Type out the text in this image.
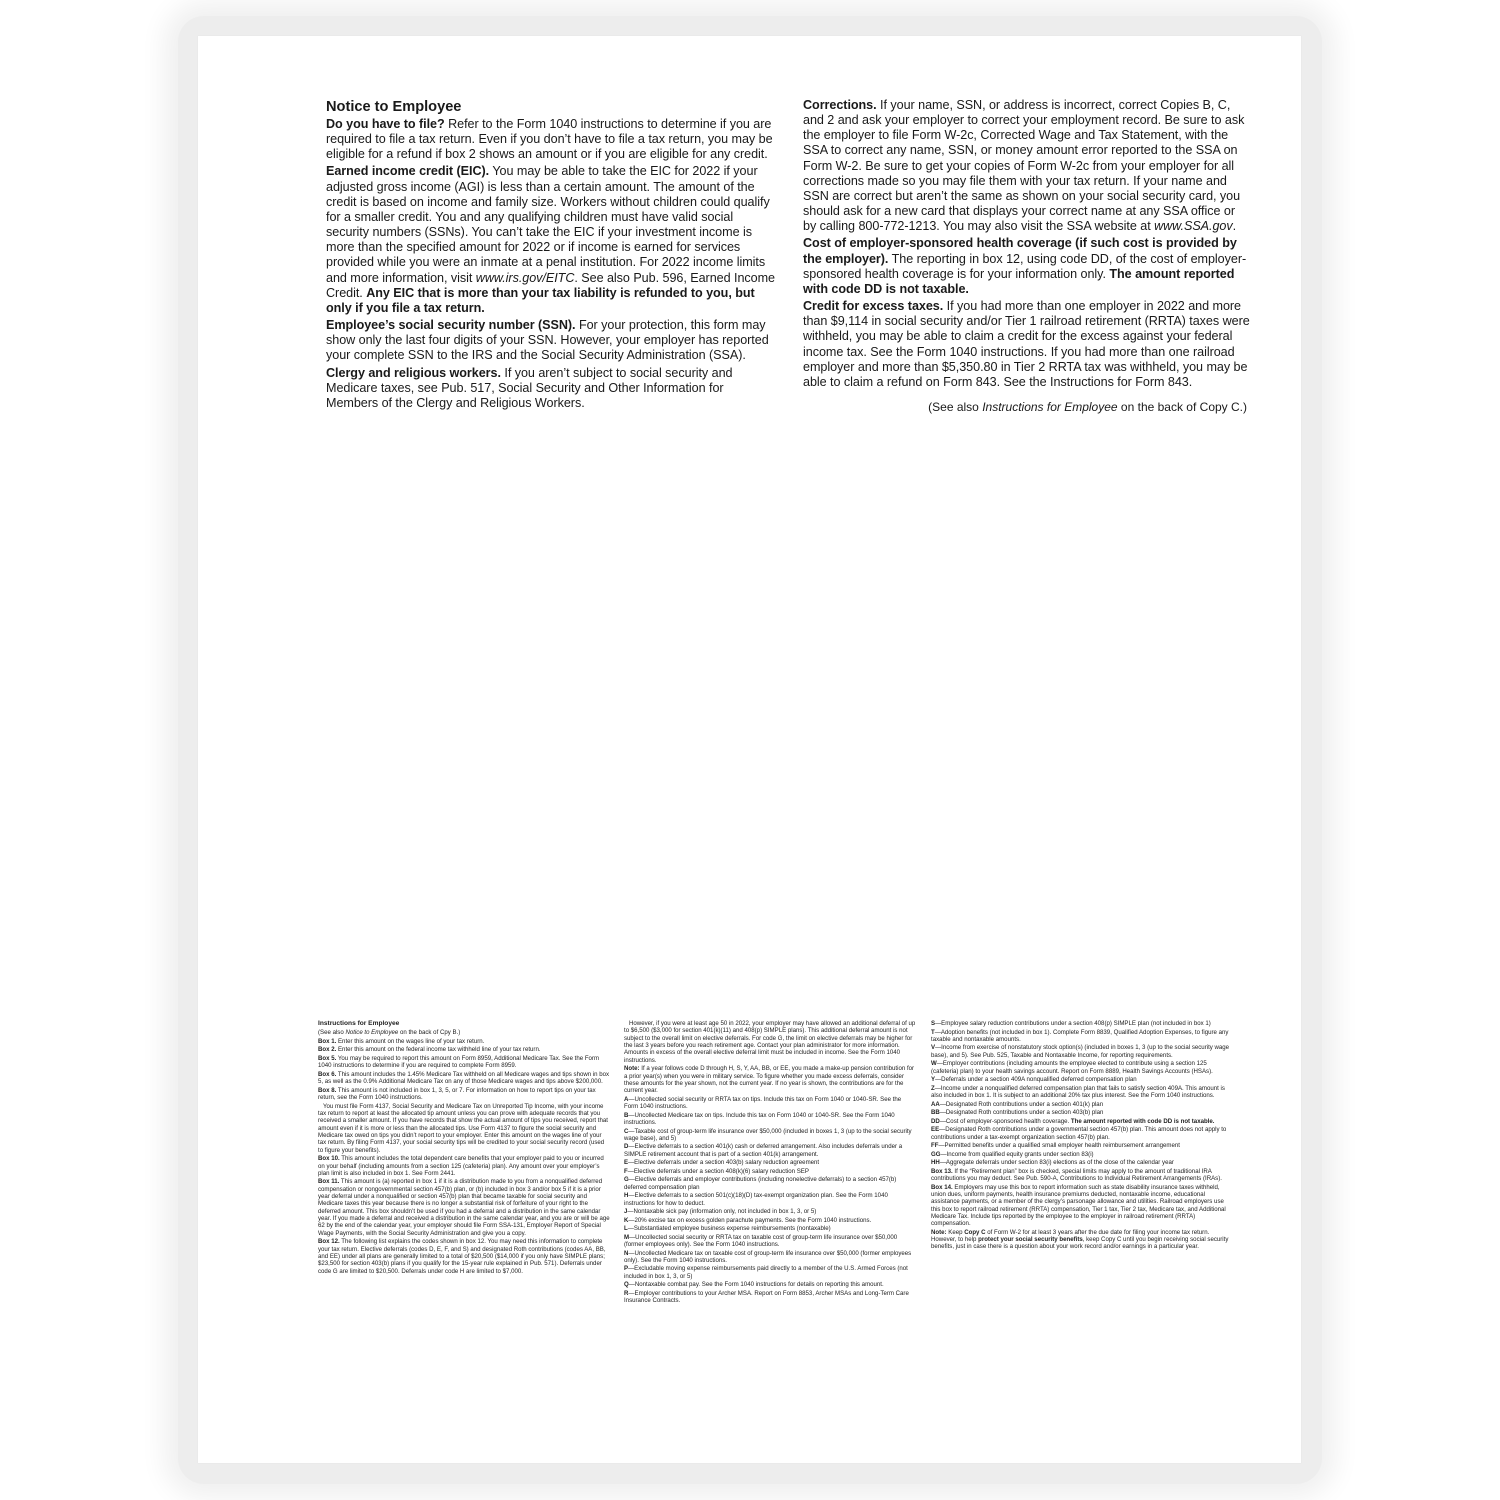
Notice to Employee

Do you have to file? Refer to the Form 1040 instructions to determine if you are required to file a tax return. Even if you don’t have to file a tax return, you may be eligible for a refund if box 2 shows an amount or if you are eligible for any credit.

Earned income credit (EIC). You may be able to take the EIC for 2022 if your adjusted gross income (AGI) is less than a certain amount. The amount of the credit is based on income and family size. Workers without children could qualify for a smaller credit. You and any qualifying children must have valid social security numbers (SSNs). You can’t take the EIC if your investment income is more than the specified amount for 2022 or if income is earned for services provided while you were an inmate at a penal institution. For 2022 income limits and more information, visit www.irs.gov/EITC. See also Pub. 596, Earned Income Credit. Any EIC that is more than your tax liability is refunded to you, but only if you file a tax return.

Employee’s social security number (SSN). For your protection, this form may show only the last four digits of your SSN. However, your employer has reported your complete SSN to the IRS and the Social Security Administration (SSA).

Clergy and religious workers. If you aren’t subject to social security and Medicare taxes, see Pub. 517, Social Security and Other Information for Members of the Clergy and Religious Workers.

Corrections. If your name, SSN, or address is incorrect, correct Copies B, C, and 2 and ask your employer to correct your employment record. Be sure to ask the employer to file Form W-2c, Corrected Wage and Tax Statement, with the SSA to correct any name, SSN, or money amount error reported to the SSA on Form W-2. Be sure to get your copies of Form W-2c from your employer for all corrections made so you may file them with your tax return. If your name and SSN are correct but aren’t the same as shown on your social security card, you should ask for a new card that displays your correct name at any SSA office or by calling 800-772-1213. You may also visit the SSA website at www.SSA.gov.

Cost of employer-sponsored health coverage (if such cost is provided by the employer). The reporting in box 12, using code DD, of the cost of employer-sponsored health coverage is for your information only. The amount reported with code DD is not taxable.

Credit for excess taxes. If you had more than one employer in 2022 and more than $9,114 in social security and/or Tier 1 railroad retirement (RRTA) taxes were withheld, you may be able to claim a credit for the excess against your federal income tax. See the Form 1040 instructions. If you had more than one railroad employer and more than $5,350.80 in Tier 2 RRTA tax was withheld, you may be able to claim a refund on Form 843. See the Instructions for Form 843.

(See also Instructions for Employee on the back of Copy C.)
Instructions for Employee

(See also Notice to Employee on the back of Cpy B.)

Box 1. Enter this amount on the wages line of your tax return.

Box 2. Enter this amount on the federal income tax withheld line of your tax return.

Box 5. You may be required to report this amount on Form 8959, Additional Medicare Tax. See the Form 1040 instructions to determine if you are required to complete Form 8959.

Box 6. This amount includes the 1.45% Medicare Tax withheld on all Medicare wages and tips shown in box 5, as well as the 0.9% Additional Medicare Tax on any of those Medicare wages and tips above $200,000.

Box 8. This amount is not included in box 1, 3, 5, or 7. For information on how to report tips on your tax return, see the Form 1040 instructions.

You must file Form 4137, Social Security and Medicare Tax on Unreported Tip Income, with your income tax return to report at least the allocated tip amount unless you can prove with adequate records that you received a smaller amount. If you have records that show the actual amount of tips you received, report that amount even if it is more or less than the allocated tips. Use Form 4137 to figure the social security and Medicare tax owed on tips you didn’t report to your employer. Enter this amount on the wages line of your tax return. By filing Form 4137, your social security tips will be credited to your social security record (used to figure your benefits).

Box 10. This amount includes the total dependent care benefits that your employer paid to you or incurred on your behalf (including amounts from a section 125 (cafeteria) plan). Any amount over your employer’s plan limit is also included in box 1. See Form 2441.

Box 11. This amount is (a) reported in box 1 if it is a distribution made to you from a nonqualified deferred compensation or nongovernmental section 457(b) plan, or (b) included in box 3 and/or box 5 if it is a prior year deferral under a nonqualified or section 457(b) plan that became taxable for social security and Medicare taxes this year because there is no longer a substantial risk of forfeiture of your right to the deferred amount. This box shouldn’t be used if you had a deferral and a distribution in the same calendar year. If you made a deferral and received a distribution in the same calendar year, and you are or will be age 62 by the end of the calendar year, your employer should file Form SSA-131, Employer Report of Special Wage Payments, with the Social Security Administration and give you a copy.

Box 12. The following list explains the codes shown in box 12. You may need this information to complete your tax return. Elective deferrals (codes D, E, F, and S) and designated Roth contributions (codes AA, BB, and EE) under all plans are generally limited to a total of $20,500 ($14,000 if you only have SIMPLE plans; $23,500 for section 403(b) plans if you qualify for the 15-year rule explained in Pub. 571). Deferrals under code G are limited to $20,500. Deferrals under code H are limited to $7,000.

However, if you were at least age 50 in 2022, your employer may have allowed an additional deferral of up to $6,500 ($3,000 for section 401(k)(11) and 408(p) SIMPLE plans). This additional deferral amount is not subject to the overall limit on elective deferrals. For code G, the limit on elective deferrals may be higher for the last 3 years before you reach retirement age. Contact your plan administrator for more information. Amounts in excess of the overall elective deferral limit must be included in income. See the Form 1040 instructions.

Note: If a year follows code D through H, S, Y, AA, BB, or EE, you made a make-up pension contribution for a prior year(s) when you were in military service. To figure whether you made excess deferrals, consider these amounts for the year shown, not the current year. If no year is shown, the contributions are for the current year.

A—Uncollected social security or RRTA tax on tips. Include this tax on Form 1040 or 1040-SR. See the Form 1040 instructions.

B—Uncollected Medicare tax on tips. Include this tax on Form 1040 or 1040-SR. See the Form 1040 instructions.

C—Taxable cost of group-term life insurance over $50,000 (included in boxes 1, 3 (up to the social security wage base), and 5)

D—Elective deferrals to a section 401(k) cash or deferred arrangement. Also includes deferrals under a SIMPLE retirement account that is part of a section 401(k) arrangement.

E—Elective deferrals under a section 403(b) salary reduction agreement

F—Elective deferrals under a section 408(k)(6) salary reduction SEP

G—Elective deferrals and employer contributions (including nonelective deferrals) to a section 457(b) deferred compensation plan

H—Elective deferrals to a section 501(c)(18)(D) tax-exempt organization plan. See the Form 1040 instructions for how to deduct.

J—Nontaxable sick pay (information only, not included in box 1, 3, or 5)

K—20% excise tax on excess golden parachute payments. See the Form 1040 instructions.

L—Substantiated employee business expense reimbursements (nontaxable)

M—Uncollected social security or RRTA tax on taxable cost of group-term life insurance over $50,000 (former employees only). See the Form 1040 instructions.

N—Uncollected Medicare tax on taxable cost of group-term life insurance over $50,000 (former employees only). See the Form 1040 instructions.

P—Excludable moving expense reimbursements paid directly to a member of the U.S. Armed Forces (not included in box 1, 3, or 5)

Q—Nontaxable combat pay. See the Form 1040 instructions for details on reporting this amount.

R—Employer contributions to your Archer MSA. Report on Form 8853, Archer MSAs and Long-Term Care Insurance Contracts.

S—Employee salary reduction contributions under a section 408(p) SIMPLE plan (not included in box 1)

T—Adoption benefits (not included in box 1). Complete Form 8839, Qualified Adoption Expenses, to figure any taxable and nontaxable amounts.

V—Income from exercise of nonstatutory stock option(s) (included in boxes 1, 3 (up to the social security wage base), and 5). See Pub. 525, Taxable and Nontaxable Income, for reporting requirements.

W—Employer contributions (including amounts the employee elected to contribute using a section 125 (cafeteria) plan) to your health savings account. Report on Form 8889, Health Savings Accounts (HSAs).

Y—Deferrals under a section 409A nonqualified deferred compensation plan

Z—Income under a nonqualified deferred compensation plan that fails to satisfy section 409A. This amount is also included in box 1. It is subject to an additional 20% tax plus interest. See the Form 1040 instructions.

AA—Designated Roth contributions under a section 401(k) plan

BB—Designated Roth contributions under a section 403(b) plan

DD—Cost of employer-sponsored health coverage. The amount reported with code DD is not taxable.

EE—Designated Roth contributions under a governmental section 457(b) plan. This amount does not apply to contributions under a tax-exempt organization section 457(b) plan.

FF—Permitted benefits under a qualified small employer health reimbursement arrangement

GG—Income from qualified equity grants under section 83(i)

HH—Aggregate deferrals under section 83(i) elections as of the close of the calendar year

Box 13. If the “Retirement plan” box is checked, special limits may apply to the amount of traditional IRA contributions you may deduct. See Pub. 590-A, Contributions to Individual Retirement Arrangements (IRAs).

Box 14. Employers may use this box to report information such as state disability insurance taxes withheld, union dues, uniform payments, health insurance premiums deducted, nontaxable income, educational assistance payments, or a member of the clergy’s parsonage allowance and utilities. Railroad employers use this box to report railroad retirement (RRTA) compensation, Tier 1 tax, Tier 2 tax, Medicare tax, and Additional Medicare Tax. Include tips reported by the employee to the employer in railroad retirement (RRTA) compensation.

Note: Keep Copy C of Form W-2 for at least 3 years after the due date for filing your income tax return. However, to help protect your social security benefits, keep Copy C until you begin receiving social security benefits, just in case there is a question about your work record and/or earnings in a particular year.
